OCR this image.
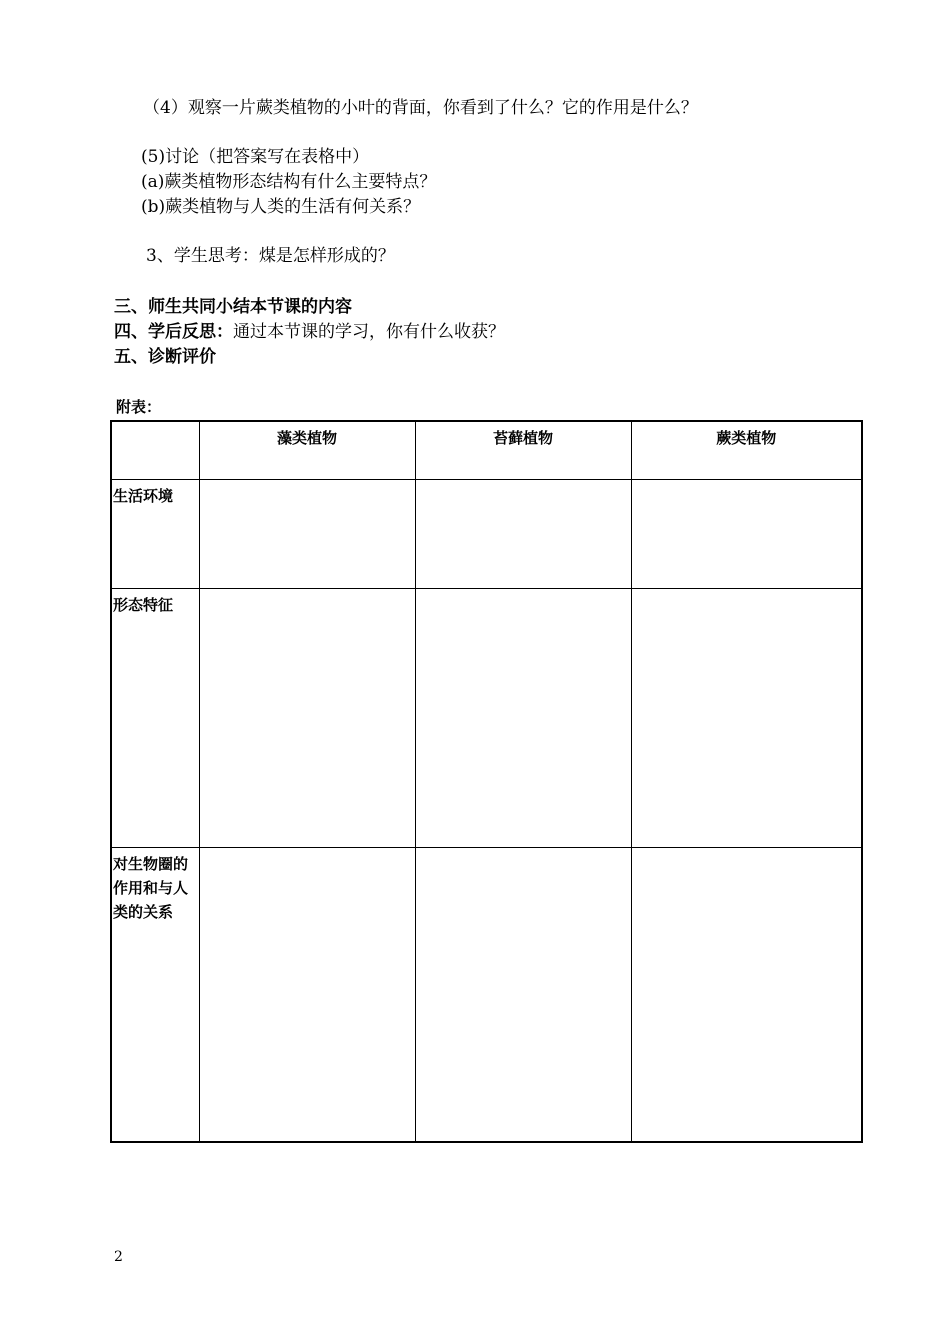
（4）观察一片蕨类植物的小叶的背面，你看到了什么？它的作用是什么？
(5)讨论（把答案写在表格中）
(a)蕨类植物形态结构有什么主要特点？
(b)蕨类植物与人类的生活有何关系？
3、学生思考：煤是怎样形成的？
三、师生共同小结本节课的内容
四、学后反思：通过本节课的学习，你有什么收获？
五、诊断评价
附表：
	藻类植物	苔藓植物	蕨类植物
生活环境			
形态特征			
对生物圈的作用和与人类的关系			
2
